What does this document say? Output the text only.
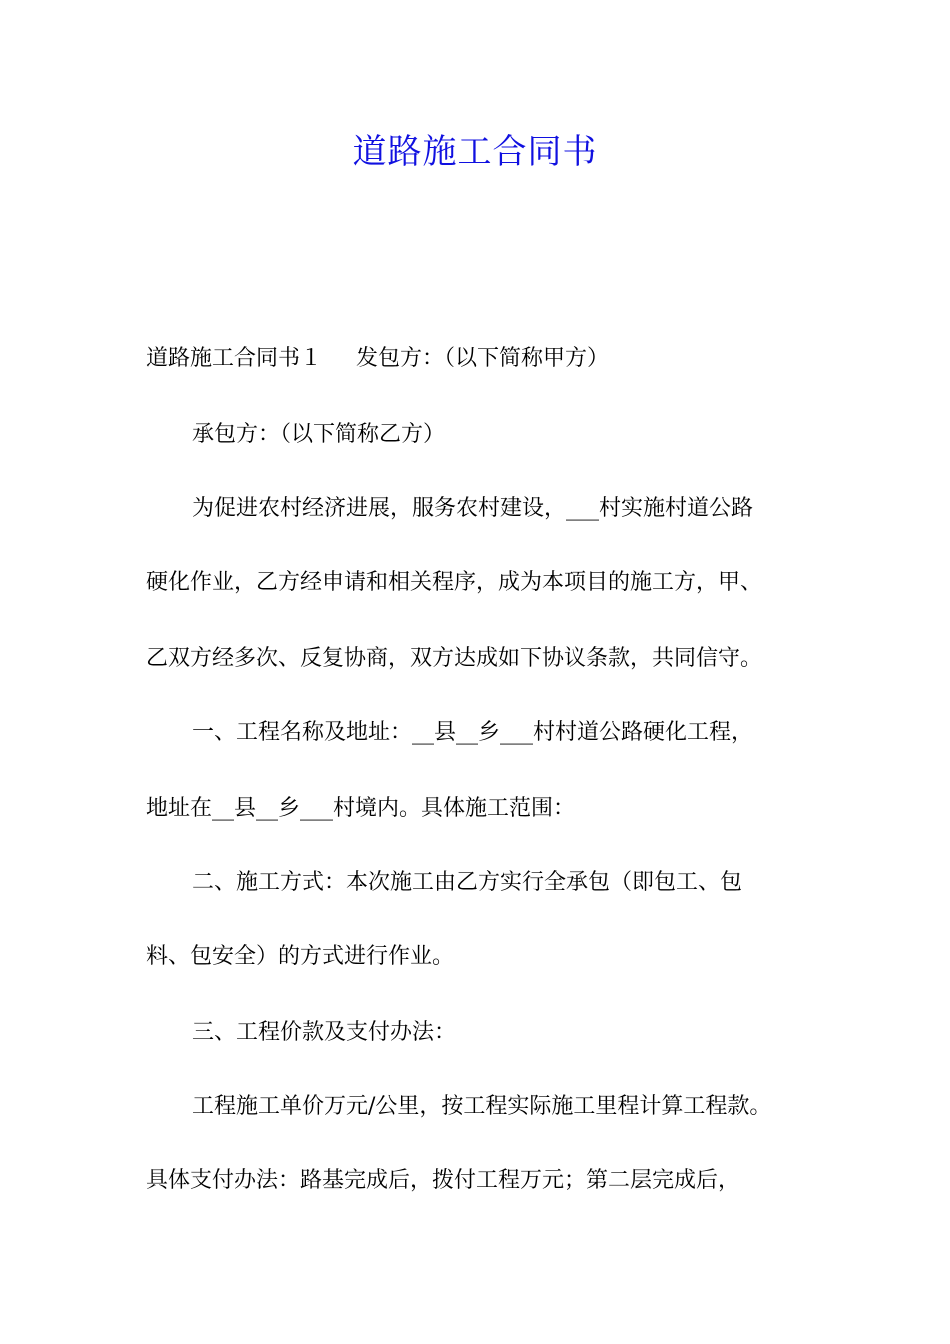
道路施工合同书
道路施工合同书１ 发包方：（以下简称甲方）
承包方：（以下简称乙方）
为促进农村经济进展，服务农村建设，___村实施村道公路
硬化作业，乙方经申请和相关程序，成为本项目的施工方，甲、
乙双方经多次、反复协商，双方达成如下协议条款，共同信守。
一、工程名称及地址：__县__乡___村村道公路硬化工程，
地址在__县__乡___村境内。具体施工范围：
二、施工方式：本次施工由乙方实行全承包（即包工、包
料、包安全）的方式进行作业。
三、工程价款及支付办法：
工程施工单价万元/公里，按工程实际施工里程计算工程款。
具体支付办法：路基完成后，拨付工程万元；第二层完成后，
